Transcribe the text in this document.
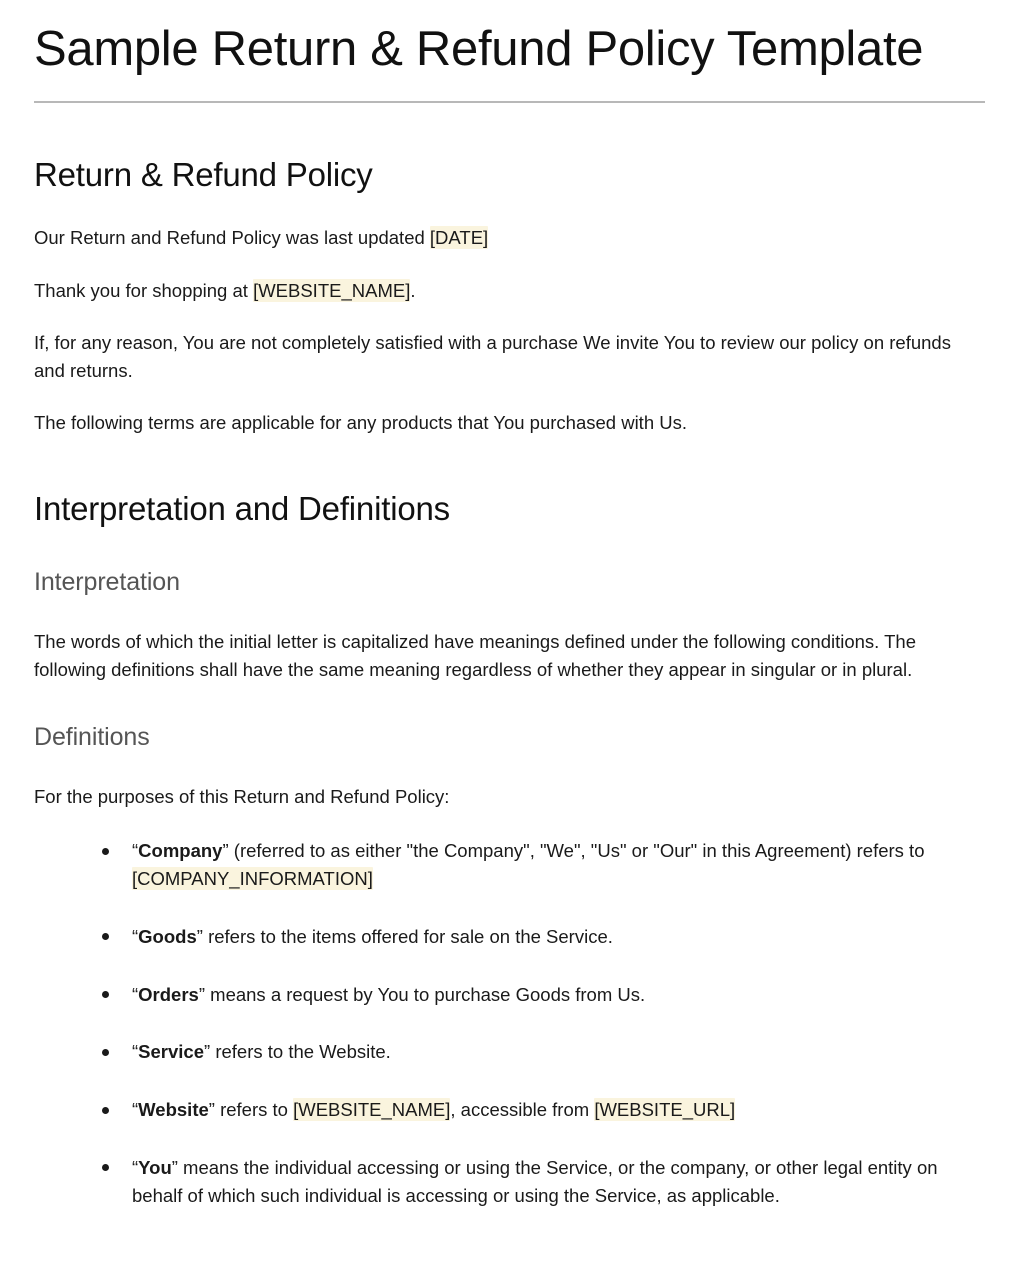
Sample Return & Refund Policy Template
Return & Refund Policy

Our Return and Refund Policy was last updated [DATE]

Thank you for shopping at [WEBSITE_NAME].

If, for any reason, You are not completely satisfied with a purchase We invite You to review our policy on refunds and returns.

The following terms are applicable for any products that You purchased with Us.

Interpretation and Definitions
Interpretation

The words of which the initial letter is capitalized have meanings defined under the following conditions. The following definitions shall have the same meaning regardless of whether they appear in singular or in plural.

Definitions

For the purposes of this Return and Refund Policy:

“Company” (referred to as either "the Company", "We", "Us" or "Our" in this Agreement) refers to [COMPANY_INFORMATION]
“Goods” refers to the items offered for sale on the Service.
“Orders” means a request by You to purchase Goods from Us.
“Service” refers to the Website.
“Website” refers to [WEBSITE_NAME], accessible from [WEBSITE_URL]
“You” means the individual accessing or using the Service, or the company, or other legal entity on behalf of which such individual is accessing or using the Service, as applicable.
